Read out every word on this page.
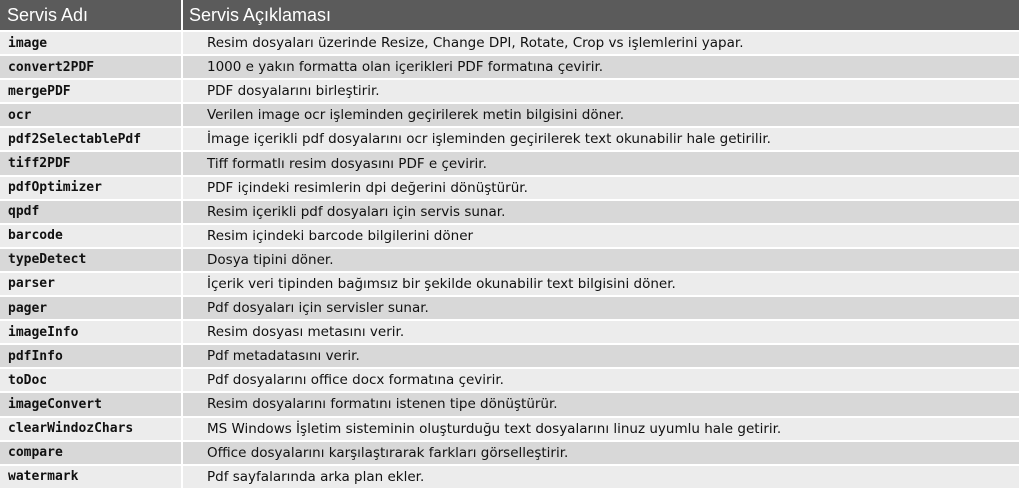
Servis Adı	Servis Açıklaması
image	Resim dosyaları üzerinde Resize, Change DPI, Rotate, Crop vs işlemlerini yapar.
convert2PDF	1000 e yakın formatta olan içerikleri PDF formatına çevirir.
mergePDF	PDF dosyalarını birleştirir.
ocr	Verilen image ocr işleminden geçirilerek metin bilgisini döner.
pdf2SelectablePdf	İmage içerikli pdf dosyalarını ocr işleminden geçirilerek text okunabilir hale getirilir.
tiff2PDF	Tiff formatlı resim dosyasını PDF e çevirir.
pdfOptimizer	PDF içindeki resimlerin dpi değerini dönüştürür.
qpdf	Resim içerikli pdf dosyaları için servis sunar.
barcode	Resim içindeki barcode bilgilerini döner
typeDetect	Dosya tipini döner.
parser	İçerik veri tipinden bağımsız bir şekilde okunabilir text bilgisini döner.
pager	Pdf dosyaları için servisler sunar.
imageInfo	Resim dosyası metasını verir.
pdfInfo	Pdf metadatasını verir.
toDoc	Pdf dosyalarını office docx formatına çevirir.
imageConvert	Resim dosyalarını formatını istenen tipe dönüştürür.
clearWindozChars	MS Windows İşletim sisteminin oluşturduğu text dosyalarını linuz uyumlu hale getirir.
compare	Office dosyalarını karşılaştırarak farkları görselleştirir.
watermark	Pdf sayfalarında arka plan ekler.
